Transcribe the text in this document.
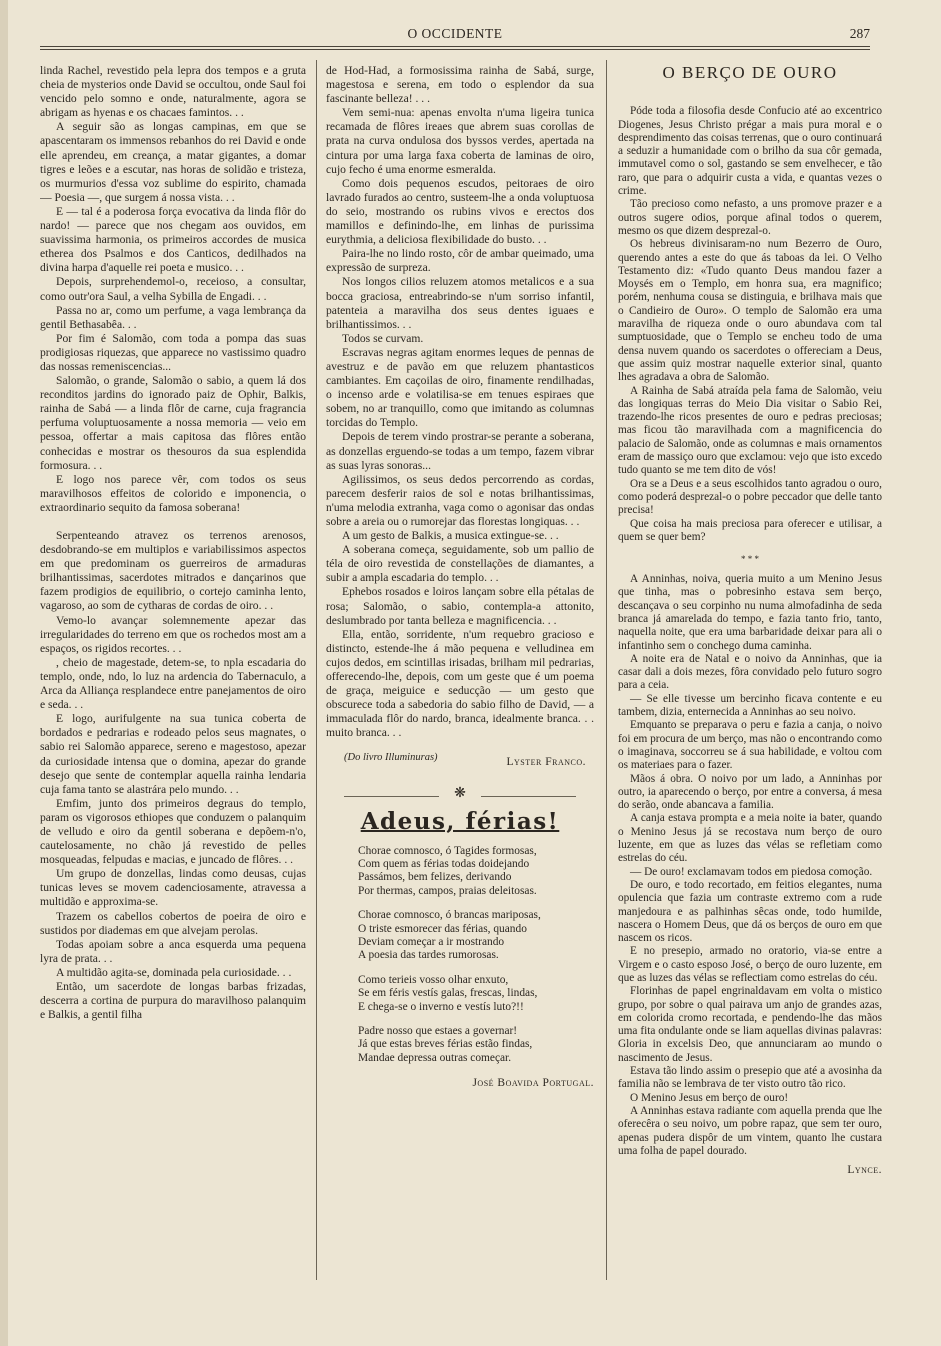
O OCCIDENTE	287

linda Rachel, revestido pela lepra dos tempos e a gruta cheia de mysterios onde David se occultou, onde Saul foi vencido pelo somno e onde, naturalmente, agora se abrigam as hyenas e os chacaes famintos. . .

A seguir são as longas campinas, em que se apascentaram os immensos rebanhos do rei David e onde elle aprendeu, em creança, a matar gigantes, a domar tigres e leões e a escutar, nas horas de solidão e tristeza, os murmurios d'essa voz sublime do espirito, chamada — Poesia —, que surgem á nossa vista. . .

E — tal é a poderosa força evocativa da linda flôr do nardo! — parece que nos chegam aos ouvidos, em suavissima harmonia, os primeiros accordes de musica etherea dos Psalmos e dos Canticos, dedilhados na divina harpa d'aquelle rei poeta e musico. . .

Depois, surprehendemol-o, receioso, a consultar, como outr'ora Saul, a velha Sybilla de Engadi. . .

Passa no ar, como um perfume, a vaga lembrança da gentil Bethasabêa. . .

Por fim é Salomão, com toda a pompa das suas prodigiosas riquezas, que apparece no vastissimo quadro das nossas remeniscencias...

Salomão, o grande, Salomão o sabio, a quem lá dos reconditos jardins do ignorado paiz de Ophir, Balkis, rainha de Sabá — a linda flôr de carne, cuja fragrancia perfuma voluptuosamente a nossa memoria — veio em pessoa, offertar a mais capitosa das flôres então conhecidas e mostrar os thesouros da sua esplendida formosura. . .

E logo nos parece vêr, com todos os seus maravilhosos effeitos de colorido e imponencia, o extraordinario sequito da famosa soberana!

Serpenteando atravez os terrenos arenosos, desdobrando-se em multiplos e variabilissimos aspectos em que predominam os guerreiros de armaduras brilhantissimas, sacerdotes mitrados e dançarinos que fazem prodigios de equilibrio, o cortejo caminha lento, vagaroso, ao som de cytharas de cordas de oiro. . .

Vemo-lo avançar solemnemente apezar das irregularidades do terreno em que os rochedos most am a espaços, os rigidos recortes. . .

, cheio de magestade, detem-se, to npla escadaria do templo, onde, ndo, lo luz na ardencia do Tabernaculo, a Arca da Alliança resplandece entre panejamentos de oiro e seda. . .

E logo, aurifulgente na sua tunica coberta de bordados e pedrarias e rodeado pelos seus magnates, o sabio rei Salomão apparece, sereno e magestoso, apezar da curiosidade intensa que o domina, apezar do grande desejo que sente de contemplar aquella rainha lendaria cuja fama tanto se alastrára pelo mundo. . .

Emfim, junto dos primeiros degraus do templo, param os vigorosos ethiopes que conduzem o palanquim de velludo e oiro da gentil soberana e depõem-n'o, cautelosamente, no chão já revestido de pelles mosqueadas, felpudas e macias, e juncado de flôres. . .

Um grupo de donzellas, lindas como deusas, cujas tunicas leves se movem cadenciosamente, atravessa a multidão e approxima-se.

Trazem os cabellos cobertos de poeira de oiro e sustidos por diademas em que alvejam perolas.

Todas apoiam sobre a anca esquerda uma pequena lyra de prata. . .

A multidão agita-se, dominada pela curiosidade. . .

Então, um sacerdote de longas barbas frizadas, descerra a cortina de purpura do maravilhoso palanquim e Balkis, a gentil filha

de Hod-Had, a formosissima rainha de Sabá, surge, magestosa e serena, em todo o esplendor da sua fascinante belleza! . . .

Vem semi-nua: apenas envolta n'uma ligeira tunica recamada de flôres ireaes que abrem suas corollas de prata na curva ondulosa dos byssos verdes, apertada na cintura por uma larga faxa coberta de laminas de oiro, cujo fecho é uma enorme esmeralda.

Como dois pequenos escudos, peitoraes de oiro lavrado furados ao centro, susteem-lhe a onda voluptuosa do seio, mostrando os rubins vivos e erectos dos mamillos e definindo-lhe, em linhas de purissima eurythmia, a deliciosa flexibilidade do busto. . .

Paira-lhe no lindo rosto, côr de ambar queimado, uma expressão de surpreza.

Nos longos cilios reluzem atomos metalicos e a sua bocca graciosa, entreabrindo-se n'um sorriso infantil, patenteia a maravilha dos seus dentes iguaes e brilhantissimos. . .

Todos se curvam.

Escravas negras agitam enormes leques de pennas de avestruz e de pavão em que reluzem phantasticos cambiantes. Em caçoilas de oiro, finamente rendilhadas, o incenso arde e volatilisa-se em tenues espiraes que sobem, no ar tranquillo, como que imitando as columnas torcidas do Templo.

Depois de terem vindo prostrar-se perante a soberana, as donzellas erguendo-se todas a um tempo, fazem vibrar as suas lyras sonoras...

Agilissimos, os seus dedos percorrendo as cordas, parecem desferir raios de sol e notas brilhantissimas, n'uma melodia extranha, vaga como o agonisar das ondas sobre a areia ou o rumorejar das florestas longiquas. . .

A um gesto de Balkis, a musica extingue-se. . .

A soberana começa, seguidamente, sob um pallio de téla de oiro revestida de constellações de diamantes, a subir a ampla escadaria do templo. . .

Ephebos rosados e loiros lançam sobre ella pétalas de rosa; Salomão, o sabio, contempla-a attonito, deslumbrado por tanta belleza e magnificencia. . .

Ella, então, sorridente, n'um requebro gracioso e distincto, estende-lhe á mão pequena e velludinea em cujos dedos, em scintillas irisadas, brilham mil pedrarias, offerecendo-lhe, depois, com um geste que é um poema de graça, meiguice e seducção — um gesto que obscurece toda a sabedoria do sabio filho de David, — a immaculada flôr do nardo, branca, idealmente branca. . . muito branca. . .

(Do livro Illuminuras)	Lyster Franco.
❋
Adeus, férias!
Chorae comnosco, ó Tagides formosas,
Com quem as férias todas doidejando
Passámos, bem felizes, derivando
Por thermas, campos, praias deleitosas.
Chorae comnosco, ó brancas mariposas,
O triste esmorecer das férias, quando
Deviam começar a ir mostrando
A poesia das tardes rumorosas.
Como terieis vosso olhar enxuto,
Se em féris vestís galas, frescas, lindas,
E chega-se o inverno e vestís luto?!!
Padre nosso que estaes a governar!
Já que estas breves férias estão findas,
Mandae depressa outras começar.
José Boavida Portugal.
O BERÇO DE OURO

Póde toda a filosofia desde Confucio até ao excentrico Diogenes, Jesus Christo prégar a mais pura moral e o desprendimento das coisas terrenas, que o ouro continuará a seduzir a humanidade com o brilho da sua côr gemada, immutavel como o sol, gastando se sem envelhecer, e tão raro, que para o adquirir custa a vida, e quantas vezes o crime.

Tão precioso como nefasto, a uns promove prazer e a outros sugere odios, porque afinal todos o querem, mesmo os que dizem desprezal-o.

Os hebreus divinisaram-no num Bezerro de Ouro, querendo antes a este do que ás taboas da lei. O Velho Testamento diz: «Tudo quanto Deus mandou fazer a Moysés em o Templo, em honra sua, era magnifico; porém, nenhuma cousa se distinguia, e brilhava mais que o Candieiro de Ouro». O templo de Salomão era uma maravilha de riqueza onde o ouro abundava com tal sumptuosidade, que o Templo se encheu todo de uma densa nuvem quando os sacerdotes o offereciam a Deus, que assim quiz mostrar naquelle exterior sinal, quanto lhes agradava a obra de Salomão.

A Rainha de Sabá atraída pela fama de Salomão, veiu das longiquas terras do Meio Dia visitar o Sabio Rei, trazendo-lhe ricos presentes de ouro e pedras preciosas; mas ficou tão maravilhada com a magnificencia do palacio de Salomão, onde as columnas e mais ornamentos eram de massiço ouro que exclamou: vejo que isto excedo tudo quanto se me tem dito de vós!

Ora se a Deus e a seus escolhidos tanto agradou o ouro, como poderá desprezal-o o pobre peccador que delle tanto precisa!

Que coisa ha mais preciosa para oferecer e utilisar, a quem se quer bem?

* * *

A Anninhas, noiva, queria muito a um Menino Jesus que tinha, mas o pobresinho estava sem berço, descançava o seu corpinho nu numa almofadinha de seda branca já amarelada do tempo, e fazia tanto frio, tanto, naquella noite, que era uma barbaridade deixar para ali o infantinho sem o conchego duma caminha.

A noite era de Natal e o noivo da Anninhas, que ia casar dali a dois mezes, fôra convidado pelo futuro sogro para a ceia.

— Se elle tivesse um bercinho ficava contente e eu tambem, dizia, enternecida a Anninhas ao seu noivo.

Emquanto se preparava o peru e fazia a canja, o noivo foi em procura de um berço, mas não o encontrando como o imaginava, soccorreu se á sua habilidade, e voltou com os materiaes para o fazer.

Mãos á obra. O noivo por um lado, a Anninhas por outro, ia aparecendo o berço, por entre a conversa, á mesa do serão, onde abancava a familia.

A canja estava prompta e a meia noite ia bater, quando o Menino Jesus já se recostava num berço de ouro luzente, em que as luzes das vélas se refletiam como estrelas do céu.

— De ouro! exclamavam todos em piedosa comoção.

De ouro, e todo recortado, em feitios elegantes, numa opulencia que fazia um contraste extremo com a rude manjedoura e as palhinhas sêcas onde, todo humilde, nascera o Homem Deus, que dá os berços de ouro em que nascem os ricos.

E no presepio, armado no oratorio, via-se entre a Virgem e o casto esposo José, o berço de ouro luzente, em que as luzes das vélas se reflectiam como estrelas do céu.

Florinhas de papel engrinaldavam em volta o mistico grupo, por sobre o qual pairava um anjo de grandes azas, em colorida cromo recortada, e pendendo-lhe das mãos uma fita ondulante onde se liam aquellas divinas palavras: Gloria in excelsis Deo, que annunciaram ao mundo o nascimento de Jesus.

Estava tão lindo assim o presepio que até a avosinha da familia não se lembrava de ter visto outro tão rico.

O Menino Jesus em berço de ouro!

A Anninhas estava radiante com aquella prenda que lhe oferecêra o seu noivo, um pobre rapaz, que sem ter ouro, apenas pudera dispôr de um vintem, quanto lhe custara uma folha de papel dourado.

Lynce.
